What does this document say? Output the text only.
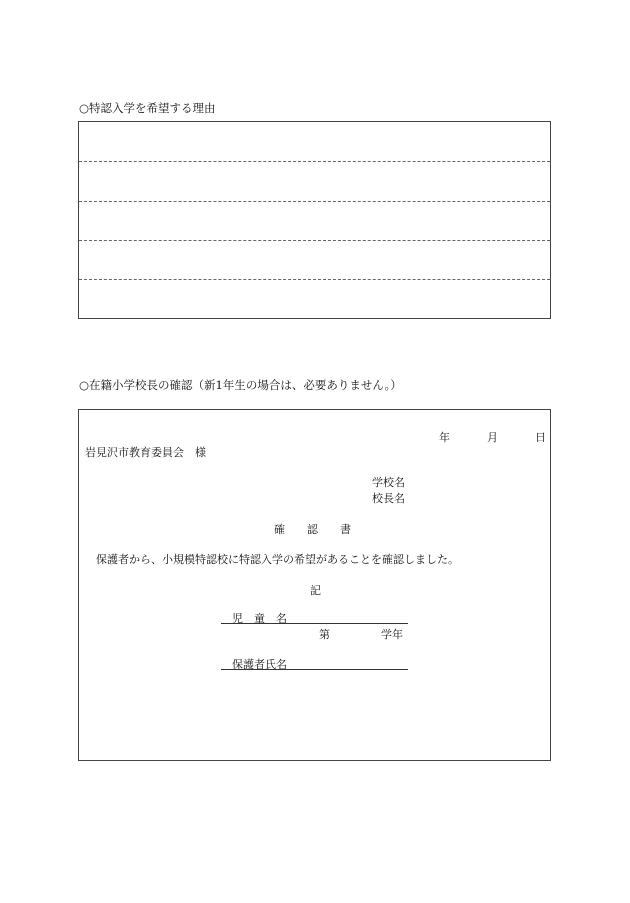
○特認入学を希望する理由
○在籍小学校長の確認（新1年生の場合は、必要ありません。）
年	月	日
岩見沢市教育委員会　様
学校名
校長名
確　　認　　書
保護者から、小規模特認校に特認入学の希望があることを確認しました。
記
児　童　名
第	学年
保護者氏名
